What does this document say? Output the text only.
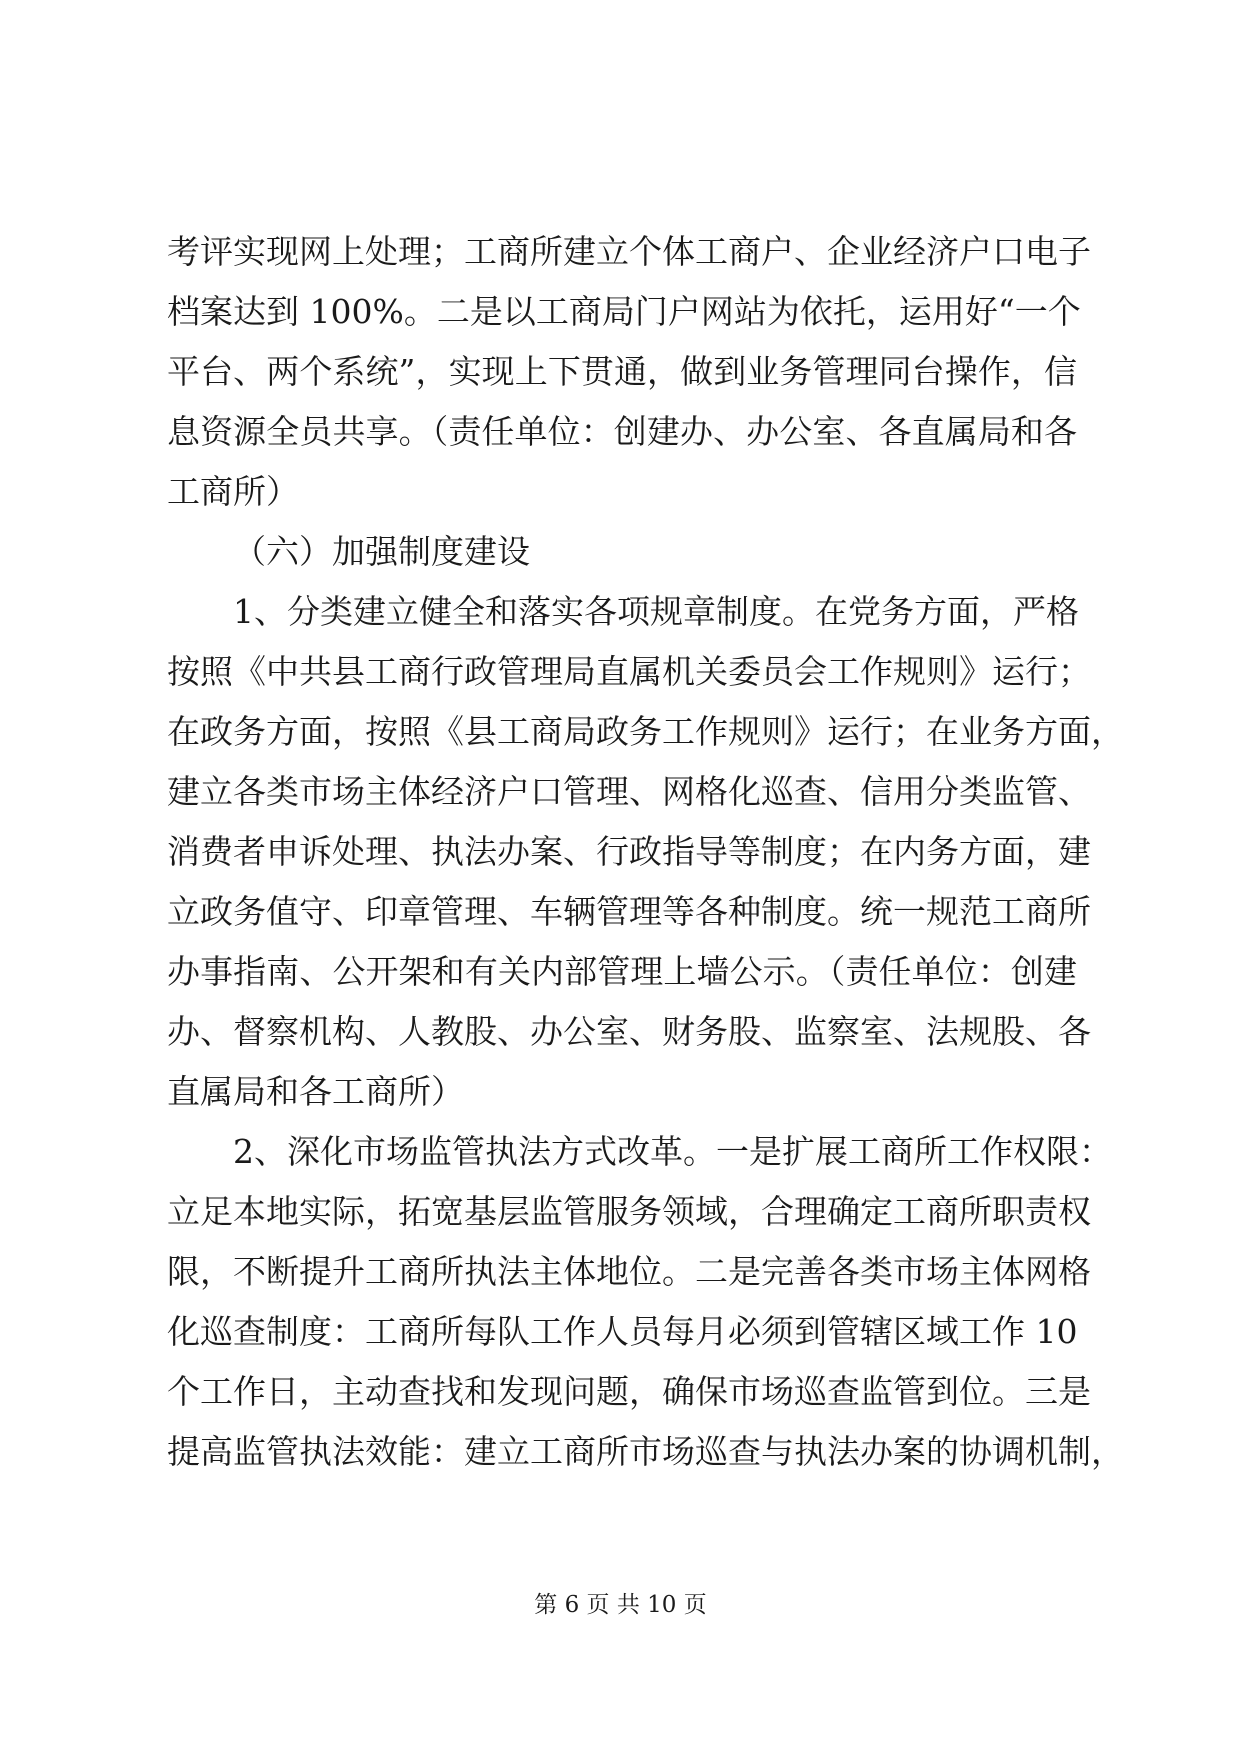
考评实现网上处理；工商所建立个体工商户、企业经济户口电子
档案达到 100%。二是以工商局门户网站为依托，运用好“一个
平台、两个系统”，实现上下贯通，做到业务管理同台操作，信
息资源全员共享。（责任单位：创建办、办公室、各直属局和各
工商所）
（六）加强制度建设
1、分类建立健全和落实各项规章制度。在党务方面，严格
按照《中共县工商行政管理局直属机关委员会工作规则》运行；
在政务方面，按照《县工商局政务工作规则》运行；在业务方面，
建立各类市场主体经济户口管理、网格化巡查、信用分类监管、
消费者申诉处理、执法办案、行政指导等制度；在内务方面，建
立政务值守、印章管理、车辆管理等各种制度。统一规范工商所
办事指南、公开架和有关内部管理上墙公示。（责任单位：创建
办、督察机构、人教股、办公室、财务股、监察室、法规股、各
直属局和各工商所）
2、深化市场监管执法方式改革。一是扩展工商所工作权限：
立足本地实际，拓宽基层监管服务领域，合理确定工商所职责权
限，不断提升工商所执法主体地位。二是完善各类市场主体网格
化巡查制度：工商所每队工作人员每月必须到管辖区域工作 10
个工作日，主动查找和发现问题，确保市场巡查监管到位。三是
提高监管执法效能：建立工商所市场巡查与执法办案的协调机制，
第 6 页 共 10 页
